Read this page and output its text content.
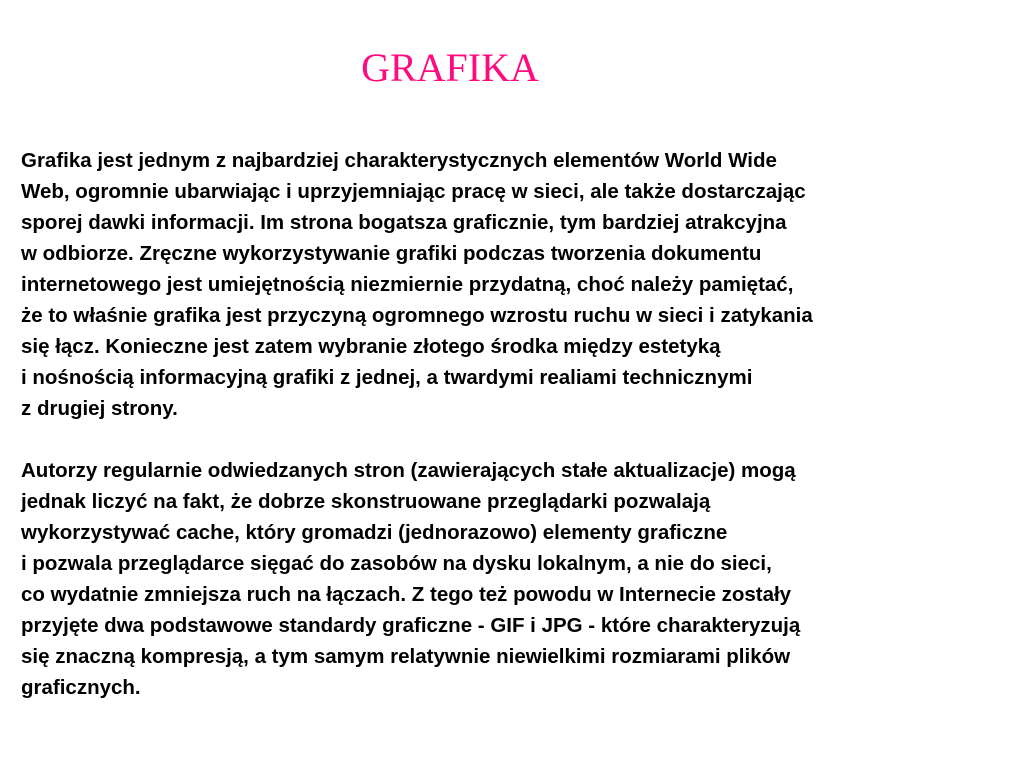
GRAFIKA

Grafika jest jednym z najbardziej charakterystycznych elementów World Wide
Web, ogromnie ubarwiając i uprzyjemniając pracę w sieci, ale także dostarczając
sporej dawki informacji. Im strona bogatsza graficznie, tym bardziej atrakcyjna
w odbiorze. Zręczne wykorzystywanie grafiki podczas tworzenia dokumentu
internetowego jest umiejętnością niezmiernie przydatną, choć należy pamiętać,
że to właśnie grafika jest przyczyną ogromnego wzrostu ruchu w sieci i zatykania
się łącz. Konieczne jest zatem wybranie złotego środka między estetyką
i nośnością informacyjną grafiki z jednej, a twardymi realiami technicznymi
z drugiej strony.

Autorzy regularnie odwiedzanych stron (zawierających stałe aktualizacje) mogą
jednak liczyć na fakt, że dobrze skonstruowane przeglądarki pozwalają
wykorzystywać cache, który gromadzi (jednorazowo) elementy graficzne
i pozwala przeglądarce sięgać do zasobów na dysku lokalnym, a nie do sieci,
co wydatnie zmniejsza ruch na łączach. Z tego też powodu w Internecie zostały
przyjęte dwa podstawowe standardy graficzne - GIF i JPG - które charakteryzują
się znaczną kompresją, a tym samym relatywnie niewielkimi rozmiarami plików
graficznych.
